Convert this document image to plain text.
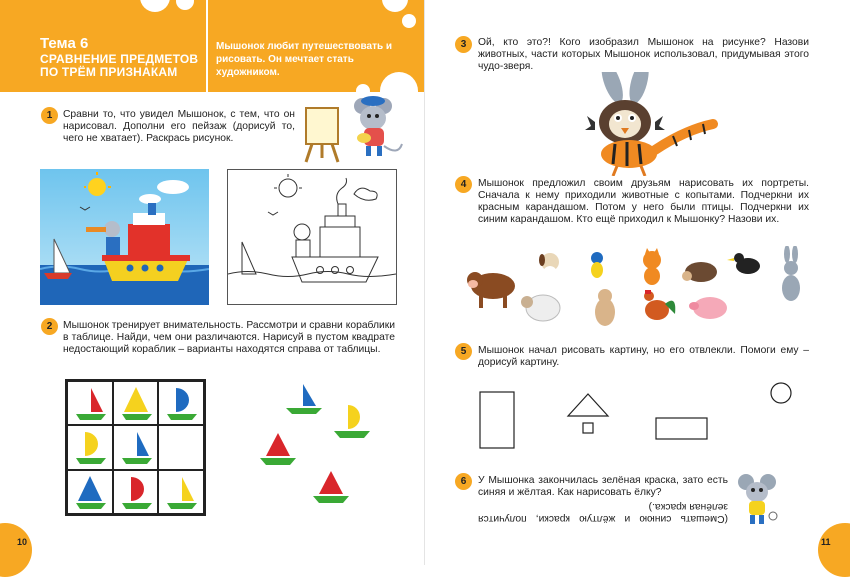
Тема 6
СРАВНЕНИЕ ПРЕДМЕТОВ
ПО ТРЁМ ПРИЗНАКАМ
Мышонок любит путешествовать и рисовать. Он мечтает стать художником.
1	Сравни то, что увидел Мышонок, с тем, что он нарисовал. Дополни его пейзаж (дорисуй то, чего не хватает). Раскрась рисунок.
2	Мышонок тренирует внимательность. Рассмотри и сравни кораблики в таблице. Найди, чем они различаются. Нарисуй в пустом квадрате недостающий кораблик – варианты находятся справа от таблицы.
10
3	Ой, кто это?! Кого изобразил Мышонок на рисунке? Назови животных, части которых Мышонок использовал, придумывая этого чудо-зверя.
4	Мышонок предложил своим друзьям нарисовать их портреты. Сначала к нему приходили животные с копытами. Подчеркни их красным карандашом. Потом у него были птицы. Подчеркни их синим карандашом. Кто ещё приходил к Мышонку? Назови их.
5	Мышонок начал рисовать картину, но его отвлекли. Помоги ему – дорисуй картину.
6	У Мышонка закончилась зелёная краска, зато есть синяя и жёлтая. Как нарисовать ёлку?
(Смешать синюю и жёлтую краски, получится зелёная краска.)
11
